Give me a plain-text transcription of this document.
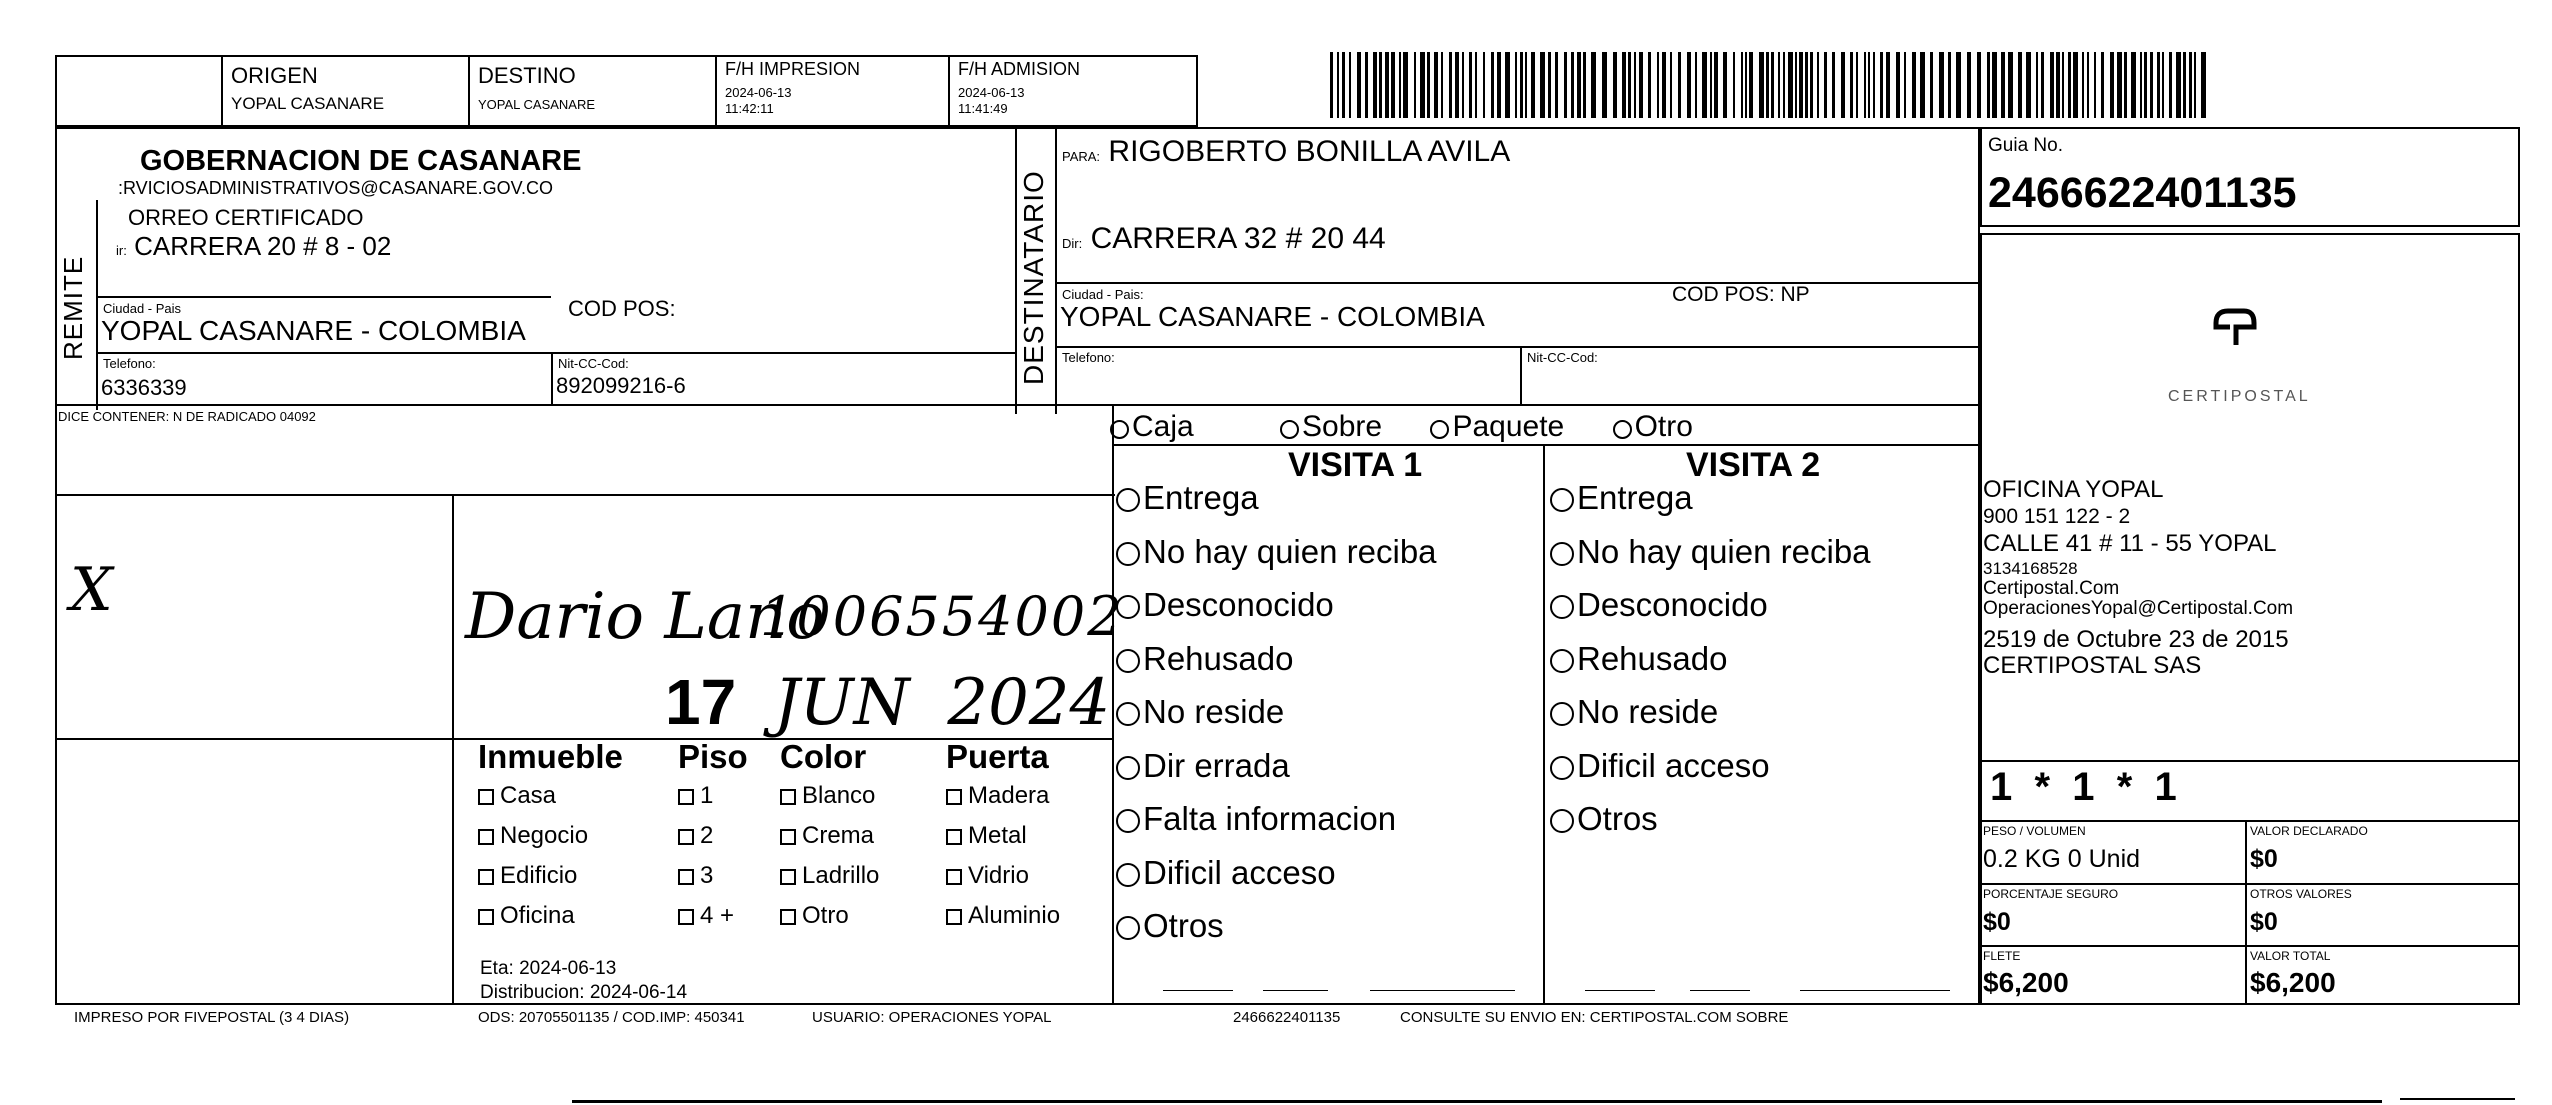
ORIGEN
YOPAL CASANARE
DESTINO
YOPAL CASANARE
F/H IMPRESION
2024-06-13
11:42:11
F/H ADMISION
2024-06-13
11:41:49
REMITE
GOBERNACION DE CASANARE
:RVICIOSADMINISTRATIVOS@CASANARE.GOV.CO
ORREO CERTIFICADO
ir: CARRERA 20 # 8 - 02
Ciudad - Pais
YOPAL CASANARE - COLOMBIA
COD POS:
Telefono:
6336339
Nit-CC-Cod:
892099216-6
DESTINATARIO
PARA: RIGOBERTO BONILLA AVILA
Dir: CARRERA 32 # 20 44
Ciudad - Pais:
YOPAL CASANARE - COLOMBIA
COD POS: NP
Telefono:	Nit-CC-Cod:
DICE CONTENER: N DE RADICADO 04092	Caja	Sobre Paquete Otro
VISITA 1
Entrega
No hay quien reciba
Desconocido
Rehusado
No reside
Dir errada
Falta informacion
Dificil acceso
Otros
VISITA 2
Entrega
No hay quien reciba
Desconocido
Rehusado
No reside
Dificil acceso
Otros
X	Dario Lano
1006554002
17 JUN 2024
Inmueble Piso Color Puerta
Casa	1	Blanco	Madera
Negocio	2	Crema	Metal
Edificio	3	Ladrillo	Vidrio
Oficina	4 +	Otro	Aluminio
Eta: 2024-06-13
Distribucion: 2024-06-14
Guia No.
2466622401135
CERTIPOSTAL
OFICINA YOPAL
900 151 122 - 2
CALLE 41 # 11 - 55 YOPAL
3134168528
Certipostal.Com
OperacionesYopal@Certipostal.Com
2519 de Octubre 23 de 2015
CERTIPOSTAL SAS
1  *  1  *  1
PESO / VOLUMEN
0.2 KG 0 Unid
VALOR DECLARADO
$0
PORCENTAJE SEGURO
$0
OTROS VALORES
$0
FLETE
$6,200
VALOR TOTAL
$6,200
IMPRESO POR FIVEPOSTAL (3 4 DIAS)	ODS: 20705501135 / COD.IMP: 450341	USUARIO: OPERACIONES YOPAL	2466622401135	CONSULTE SU ENVIO EN: CERTIPOSTAL.COM SOBRE
